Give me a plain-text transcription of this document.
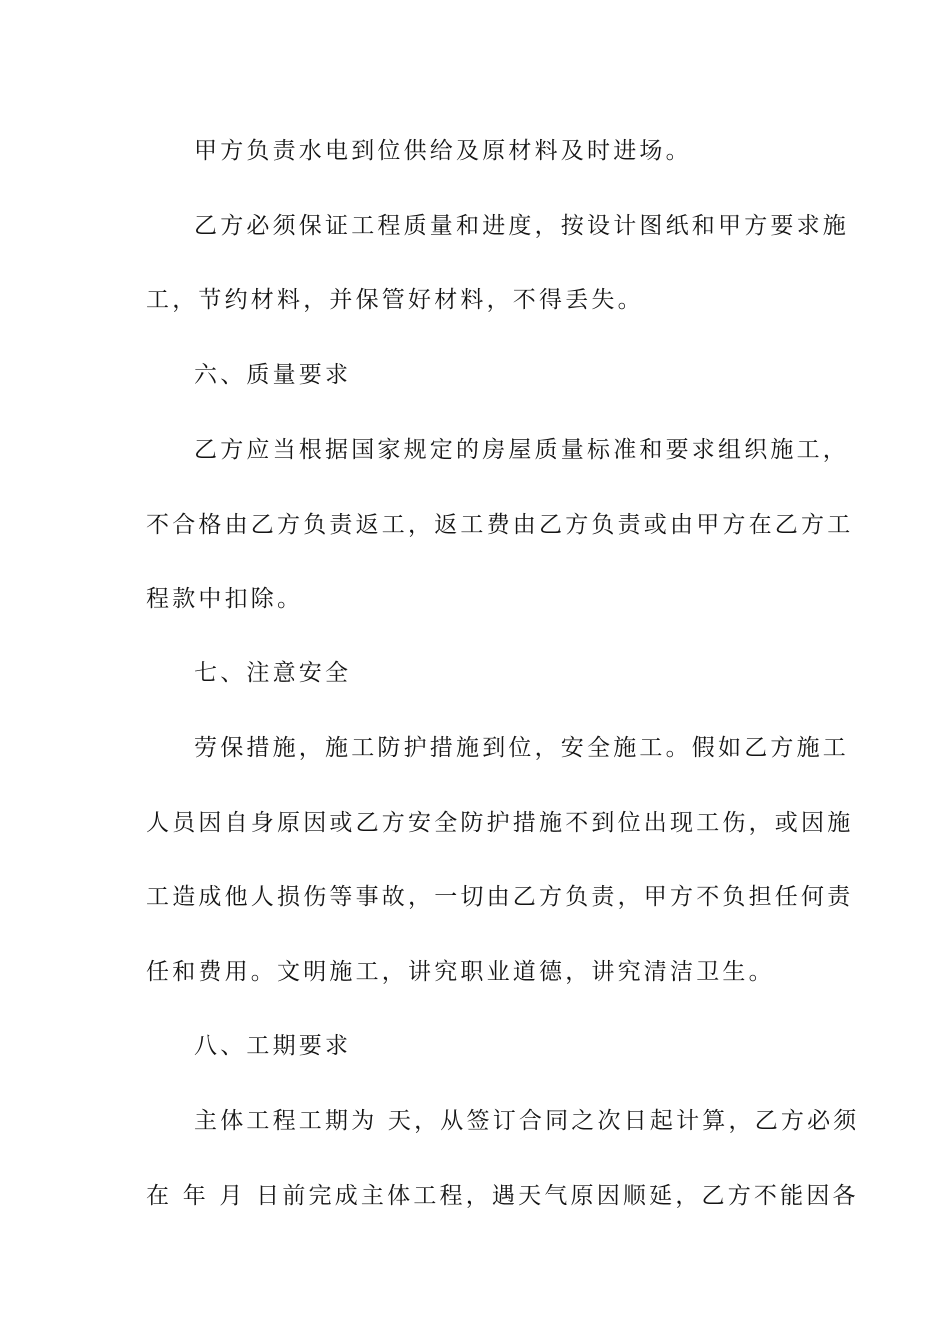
甲方负责水电到位供给及原材料及时进场。
乙方必须保证工程质量和进度，按设计图纸和甲方要求施
工，节约材料，并保管好材料，不得丢失。
六、质量要求
乙方应当根据国家规定的房屋质量标准和要求组织施工，
不合格由乙方负责返工，返工费由乙方负责或由甲方在乙方工
程款中扣除。
七、注意安全
劳保措施，施工防护措施到位，安全施工。假如乙方施工
人员因自身原因或乙方安全防护措施不到位出现工伤，或因施
工造成他人损伤等事故，一切由乙方负责，甲方不负担任何责
任和费用。文明施工，讲究职业道德，讲究清洁卫生。
八、工期要求
主体工程工期为 天，从签订合同之次日起计算，乙方必须
在 年 月 日前完成主体工程，遇天气原因顺延，乙方不能因各
